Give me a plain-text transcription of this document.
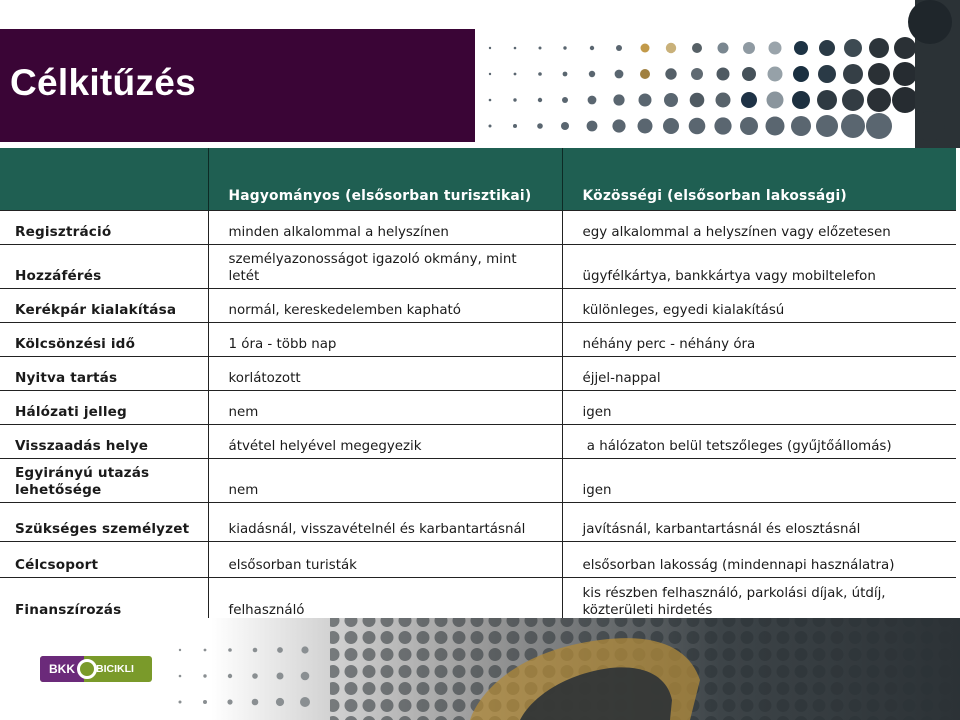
Célkitűzés
	Hagyományos (elsősorban turisztikai)	Közösségi (elsősorban lakossági)
Regisztráció	minden alkalommal a helyszínen	egy alkalommal a helyszínen vagy előzetesen
Hozzáférés	személyazonosságot igazoló okmány, mint letét	ügyfélkártya, bankkártya vagy mobiltelefon
Kerékpár kialakítása	normál, kereskedelemben kapható	különleges, egyedi kialakítású
Kölcsönzési idő	1 óra - több nap	néhány perc - néhány óra
Nyitva tartás	korlátozott	éjjel-nappal
Hálózati jelleg	nem	igen
Visszaadás helye	átvétel helyével megegyezik	a hálózaton belül tetszőleges (gyűjtőállomás)
Egyirányú utazás lehetősége	nem	igen
Szükséges személyzet	kiadásnál, visszavételnél és karbantartásnál	javításnál, karbantartásnál és elosztásnál
Célcsoport	elsősorban turisták	elsősorban lakosság (mindennapi használatra)
Finanszírozás	felhasználó	kis részben felhasználó, parkolási díjak, útdíj, közterületi hirdetés
BKK	BICIKLI
